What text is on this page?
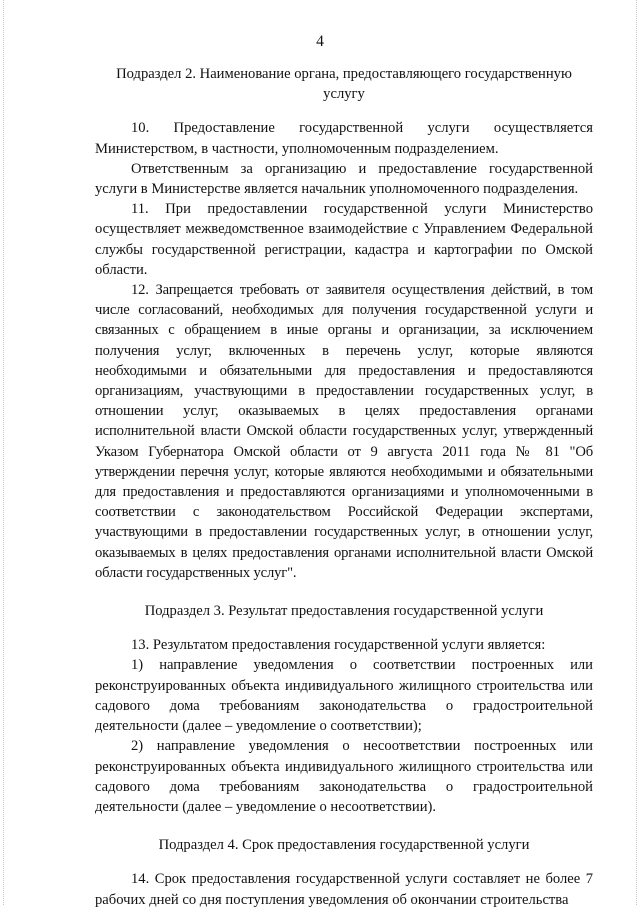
4
Подраздел 2. Наименование органа, предоставляющего государственную услугу

10. Предоставление государственной услуги осуществляется Министерством, в частности, уполномоченным подразделением.

Ответственным за организацию и предоставление государственной услуги в Министерстве является начальник уполномоченного подразделения.

11. При предоставлении государственной услуги Министерство осуществляет межведомственное взаимодействие с Управлением Федеральной службы государственной регистрации, кадастра и картографии по Омской области.

12. Запрещается требовать от заявителя осуществления действий, в том числе согласований, необходимых для получения государственной услуги и связанных с обращением в иные органы и организации, за исключением получения услуг, включенных в перечень услуг, которые являются необходимыми и обязательными для предоставления и предоставляются организациям, участвующими в предоставлении государственных услуг, в отношении услуг, оказываемых в целях предоставления органами исполнительной власти Омской области государственных услуг, утвержденный Указом Губернатора Омской области от 9 августа 2011 года № 81 "Об утверждении перечня услуг, которые являются необходимыми и обязательными для предоставления и предоставляются организациями и уполномоченными в соответствии с законодательством Российской Федерации экспертами, участвующими в предоставлении государственных услуг, в отношении услуг, оказываемых в целях предоставления органами исполнительной власти Омской области государственных услуг".

Подраздел 3. Результат предоставления государственной услуги

13. Результатом предоставления государственной услуги является:

1) направление уведомления о соответствии построенных или реконструированных объекта индивидуального жилищного строительства или садового дома требованиям законодательства о градостроительной деятельности (далее – уведомление о соответствии);

2) направление уведомления о несоответствии построенных или реконструированных объекта индивидуального жилищного строительства или садового дома требованиям законодательства о градостроительной деятельности (далее – уведомление о несоответствии).

Подраздел 4. Срок предоставления государственной услуги

14. Срок предоставления государственной услуги составляет не более 7 рабочих дней со дня поступления уведомления об окончании строительства
